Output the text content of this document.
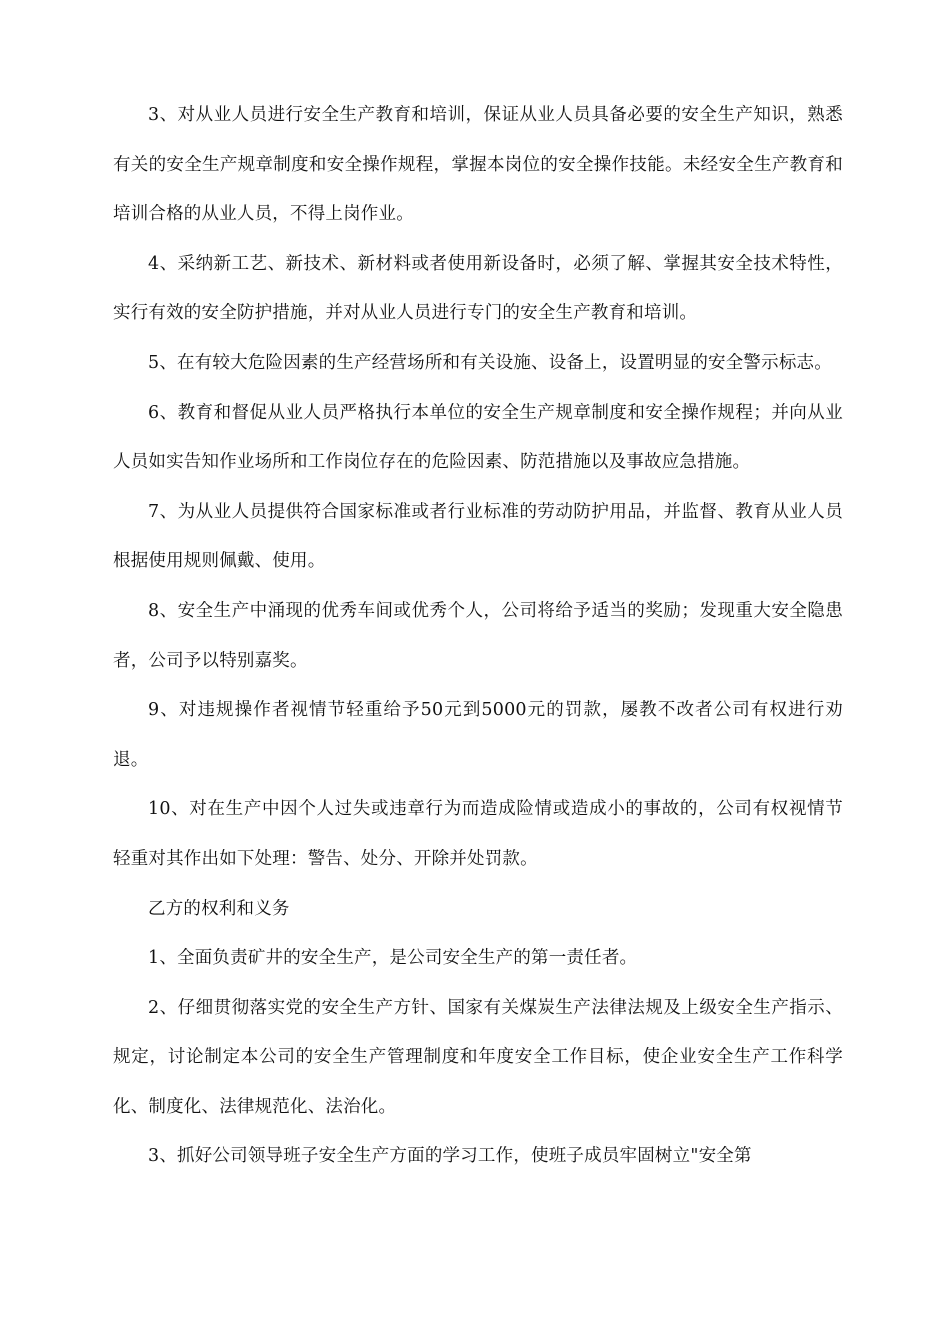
3、对从业人员进行安全生产教育和培训，保证从业人员具备必要的安全生产知识，熟悉有关的安全生产规章制度和安全操作规程，掌握本岗位的安全操作技能。未经安全生产教育和培训合格的从业人员，不得上岗作业。

4、采纳新工艺、新技术、新材料或者使用新设备时，必须了解、掌握其安全技术特性，实行有效的安全防护措施，并对从业人员进行专门的安全生产教育和培训。

5、在有较大危险因素的生产经营场所和有关设施、设备上，设置明显的安全警示标志。

6、教育和督促从业人员严格执行本单位的安全生产规章制度和安全操作规程；并向从业人员如实告知作业场所和工作岗位存在的危险因素、防范措施以及事故应急措施。

7、为从业人员提供符合国家标准或者行业标准的劳动防护用品，并监督、教育从业人员根据使用规则佩戴、使用。

8、安全生产中涌现的优秀车间或优秀个人，公司将给予适当的奖励；发现重大安全隐患者，公司予以特别嘉奖。

9、对违规操作者视情节轻重给予50元到5000元的罚款，屡教不改者公司有权进行劝退。

10、对在生产中因个人过失或违章行为而造成险情或造成小的事故的，公司有权视情节轻重对其作出如下处理：警告、处分、开除并处罚款。

乙方的权利和义务

1、全面负责矿井的安全生产，是公司安全生产的第一责任者。

2、仔细贯彻落实党的安全生产方针、国家有关煤炭生产法律法规及上级安全生产指示、规定，讨论制定本公司的安全生产管理制度和年度安全工作目标，使企业安全生产工作科学化、制度化、法律规范化、法治化。

3、抓好公司领导班子安全生产方面的学习工作，使班子成员牢固树立"安全第
